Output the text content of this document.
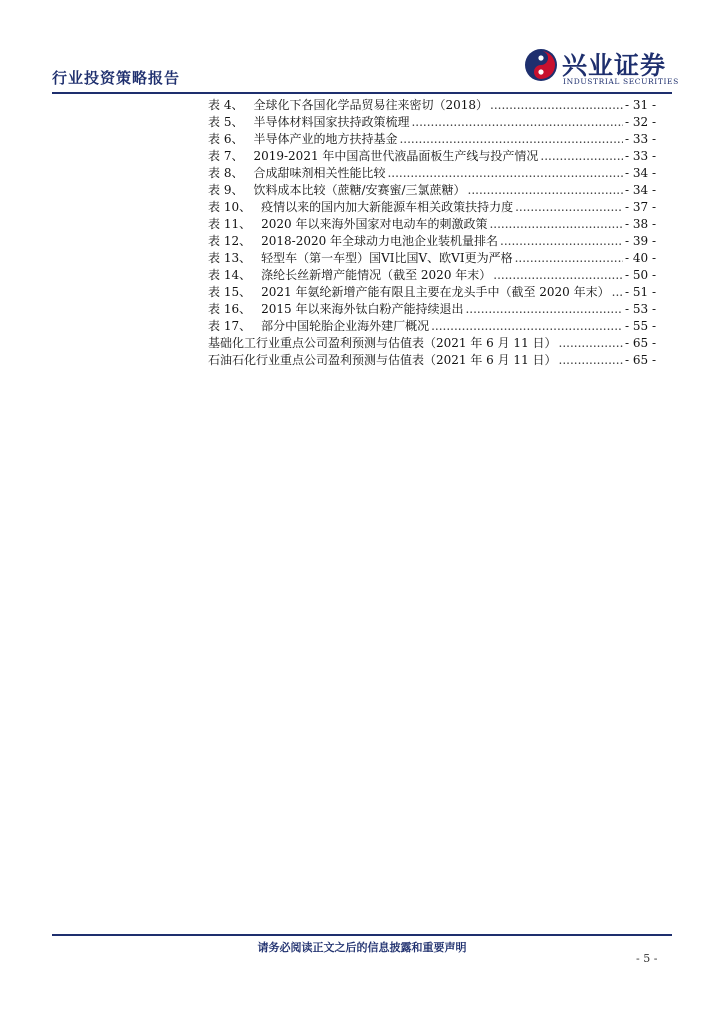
行业投资策略报告	兴业证券
INDUSTRIAL SECURITIES
表 4、 全球化下各国化学品贸易往来密切（2018） .....	- 31 -
表 5、 半导体材料国家扶持政策梳理 .....	- 32 -
表 6、 半导体产业的地方扶持基金 .....	- 33 -
表 7、 2019-2021 年中国高世代液晶面板生产线与投产情况 .....	- 33 -
表 8、 合成甜味剂相关性能比较 .....	- 34 -
表 9、 饮料成本比较（蔗糖/安赛蜜/三氯蔗糖） .....	- 34 -
表 10、 疫情以来的国内加大新能源车相关政策扶持力度 .....	- 37 -
表 11、 2020 年以来海外国家对电动车的刺激政策 .....	- 38 -
表 12、 2018-2020 年全球动力电池企业装机量排名 .....	- 39 -
表 13、 轻型车（第一车型）国VI比国V、欧VI更为严格 .....	- 40 -
表 14、 涤纶长丝新增产能情况（截至 2020 年末） .....	- 50 -
表 15、 2021 年氨纶新增产能有限且主要在龙头手中（截至 2020 年末） ..... - 51 -
表 16、 2015 年以来海外钛白粉产能持续退出 .....	- 53 -
表 17、 部分中国轮胎企业海外建厂概况 .....	- 55 -
基础化工行业重点公司盈利预测与估值表（2021 年 6 月 11 日） .....	- 65 -
石油石化行业重点公司盈利预测与估值表（2021 年 6 月 11 日） .....	- 65 -
请务必阅读正文之后的信息披露和重要声明
- 5 -
